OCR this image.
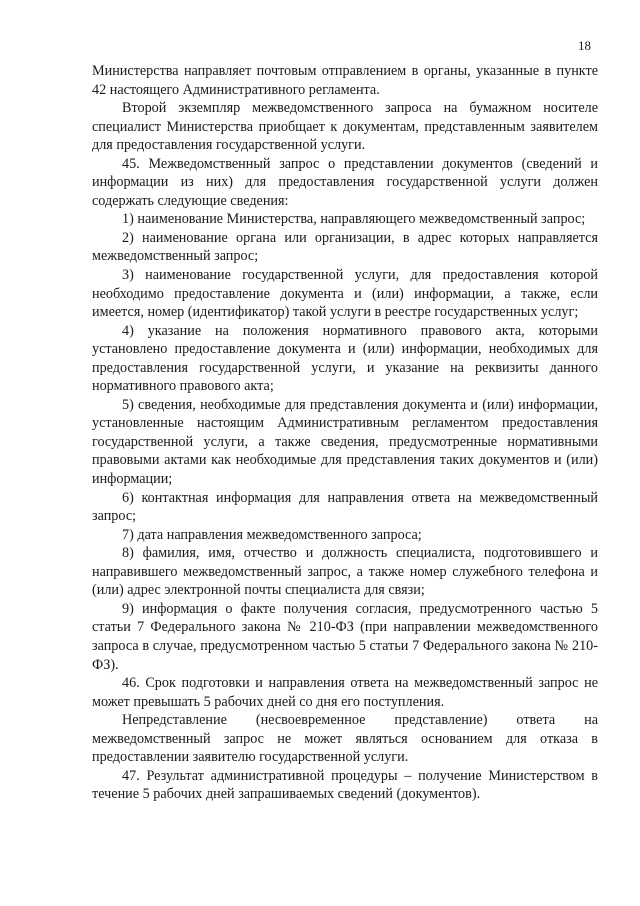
18

Министерства направляет почтовым отправлением в органы, указанные в пункте 42 настоящего Административного регламента.

Второй экземпляр межведомственного запроса на бумажном носителе специалист Министерства приобщает к документам, представленным заявителем для предоставления государственной услуги.

45. Межведомственный запрос о представлении документов (сведений и информации из них) для предоставления государственной услуги должен содержать следующие сведения:

1) наименование Министерства, направляющего межведомственный запрос;

2) наименование органа или организации, в адрес которых направляется межведомственный запрос;

3) наименование государственной услуги, для предоставления которой необходимо предоставление документа и (или) информации, а также, если имеется, номер (идентификатор) такой услуги в реестре государственных услуг;

4) указание на положения нормативного правового акта, которыми установлено предоставление документа и (или) информации, необходимых для предоставления государственной услуги, и указание на реквизиты данного нормативного правового акта;

5) сведения, необходимые для представления документа и (или) информации, установленные настоящим Административным регламентом предоставления государственной услуги, а также сведения, предусмотренные нормативными правовыми актами как необходимые для представления таких документов и (или) информации;

6) контактная информация для направления ответа на межведомственный запрос;

7) дата направления межведомственного запроса;

8) фамилия, имя, отчество и должность специалиста, подготовившего и направившего межведомственный запрос, а также номер служебного телефона и (или) адрес электронной почты специалиста для связи;

9) информация о факте получения согласия, предусмотренного частью 5 статьи 7 Федерального закона № 210-ФЗ (при направлении межведомственного запроса в случае, предусмотренном частью 5 статьи 7 Федерального закона № 210-ФЗ).

46. Срок подготовки и направления ответа на межведомственный запрос не может превышать 5 рабочих дней со дня его поступления.

Непредставление (несвоевременное представление) ответа на межведомственный запрос не может являться основанием для отказа в предоставлении заявителю государственной услуги.

47. Результат административной процедуры – получение Министерством в течение 5 рабочих дней запрашиваемых сведений (документов).
